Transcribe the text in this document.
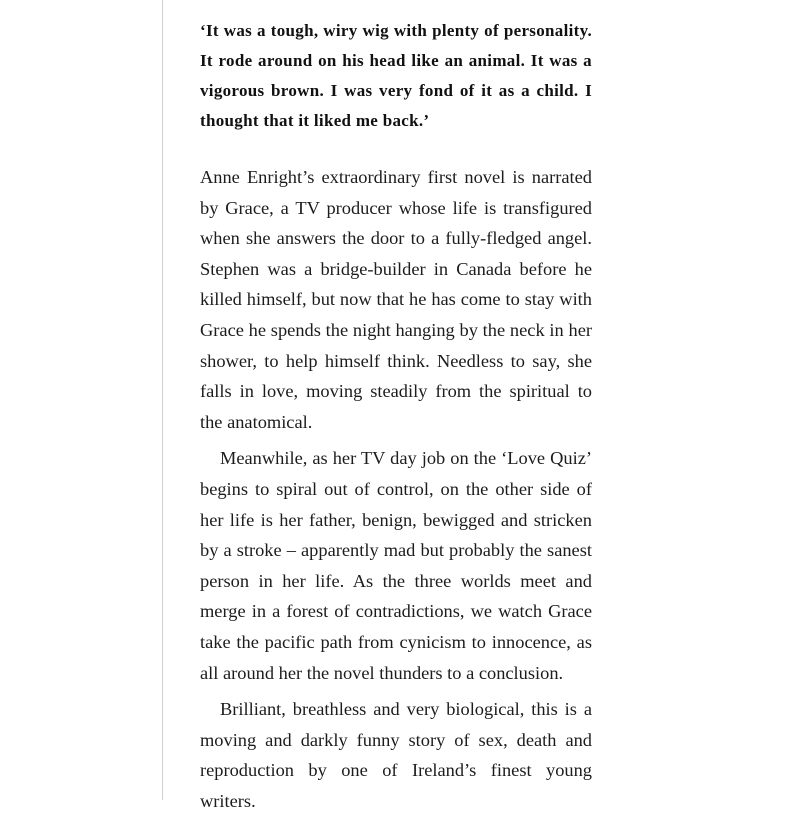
‘It was a tough, wiry wig with plenty of personality. It rode around on his head like an animal. It was a vigorous brown. I was very fond of it as a child. I thought that it liked me back.’

Anne Enright’s extraordinary first novel is narrated by Grace, a TV producer whose life is transfigured when she answers the door to a fully-fledged angel. Stephen was a bridge-builder in Canada before he killed himself, but now that he has come to stay with Grace he spends the night hanging by the neck in her shower, to help himself think. Needless to say, she falls in love, moving steadily from the spiritual to the anatomical.

Meanwhile, as her TV day job on the ‘Love Quiz’ begins to spiral out of control, on the other side of her life is her father, benign, bewigged and stricken by a stroke – apparently mad but probably the sanest person in her life. As the three worlds meet and merge in a forest of contradictions, we watch Grace take the pacific path from cynicism to innocence, as all around her the novel thunders to a conclusion.

Brilliant, breathless and very biological, this is a moving and darkly funny story of sex, death and reproduction by one of Ireland’s finest young writers.
